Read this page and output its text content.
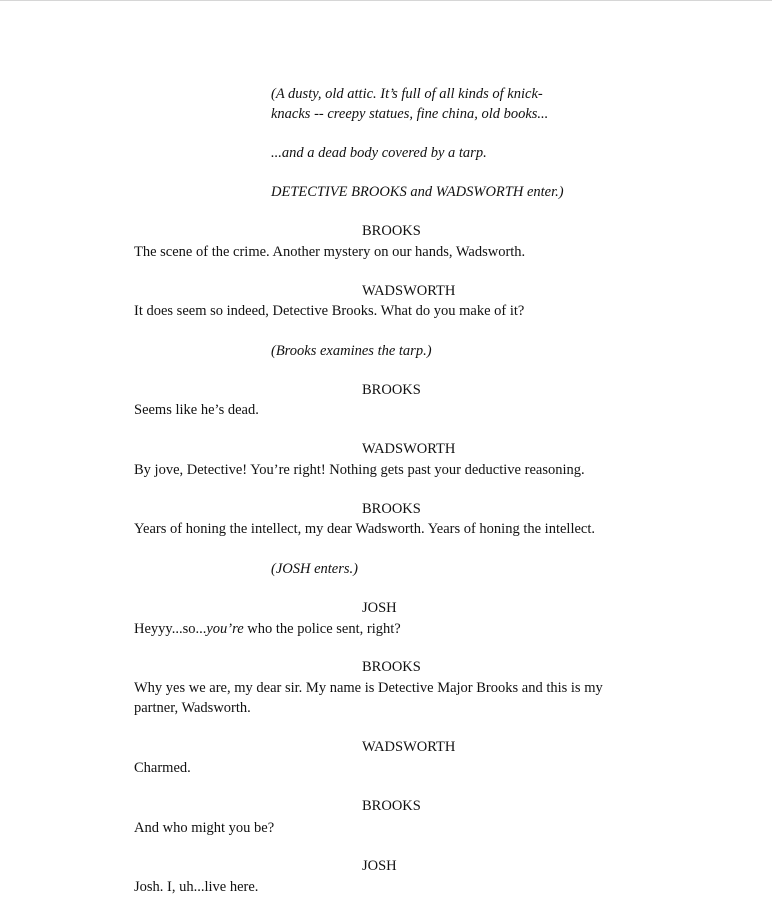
(A dusty, old attic. It’s full of all kinds of knick-
knacks -- creepy statues, fine china, old books...
...and a dead body covered by a tarp.
DETECTIVE BROOKS and WADSWORTH enter.)
BROOKS
The scene of the crime. Another mystery on our hands, Wadsworth.
WADSWORTH
It does seem so indeed, Detective Brooks. What do you make of it?
(Brooks examines the tarp.)
BROOKS
Seems like he’s dead.
WADSWORTH
By jove, Detective! You’re right! Nothing gets past your deductive reasoning.
BROOKS
Years of honing the intellect, my dear Wadsworth. Years of honing the intellect.
(JOSH enters.)
JOSH
Heyyy...so...you’re who the police sent, right?
BROOKS
Why yes we are, my dear sir. My name is Detective Major Brooks and this is my
partner, Wadsworth.
WADSWORTH
Charmed.
BROOKS
And who might you be?
JOSH
Josh. I, uh...live here.
